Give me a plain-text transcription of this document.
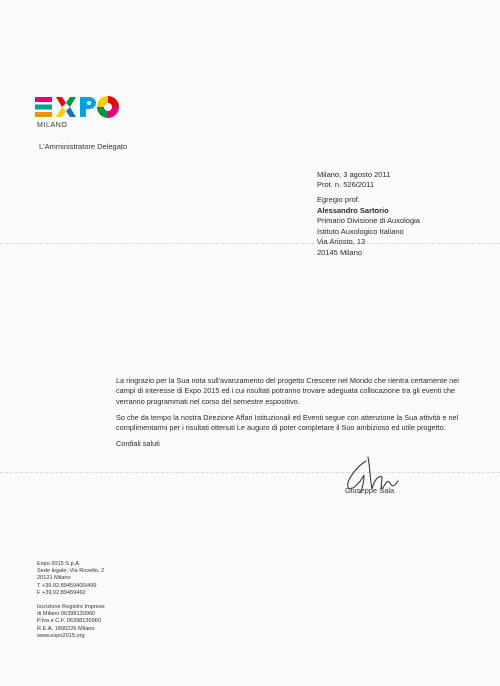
MILANO
L'Amministratore Delegato
Milano, 3 agosto 2011
Prot. n. 526/2011
Egregio prof.
Alessandro Sartorio
Primario Divisione di Auxologia
Istituto Auxologico Italiano
Via Ariosto, 13
20145 Milano

La ringrazio per la Sua nota sull'avanzamento del progetto Crescere nel Mondo che rientra certamente nei campi di interesse di Expo 2015 ed i cui risultati potranno trovare adeguata collocazione tra gli eventi che verranno programmati nel corso del semestre espositivo.

So che da tempo la nostra Direzione Affari Istituzionali ed Eventi segue con attenzione la Sua attività e nel complimentarmi per i risultati ottenuti Le auguro di poter completare il Suo ambizioso ed utile progetto.

Cordiali saluti

Giuseppe Sala
Expo 2015 S.p.A.
Sede legale: Via Rovello, 2
20121 Milano
T +39.02.89459400/499
F +39.02.89459492
Iscrizione Registro Imprese
di Milano 06398130960
P.Iva e C.F. 06398130960
R.E.A. 1890226 Milano
www.expo2015.org
